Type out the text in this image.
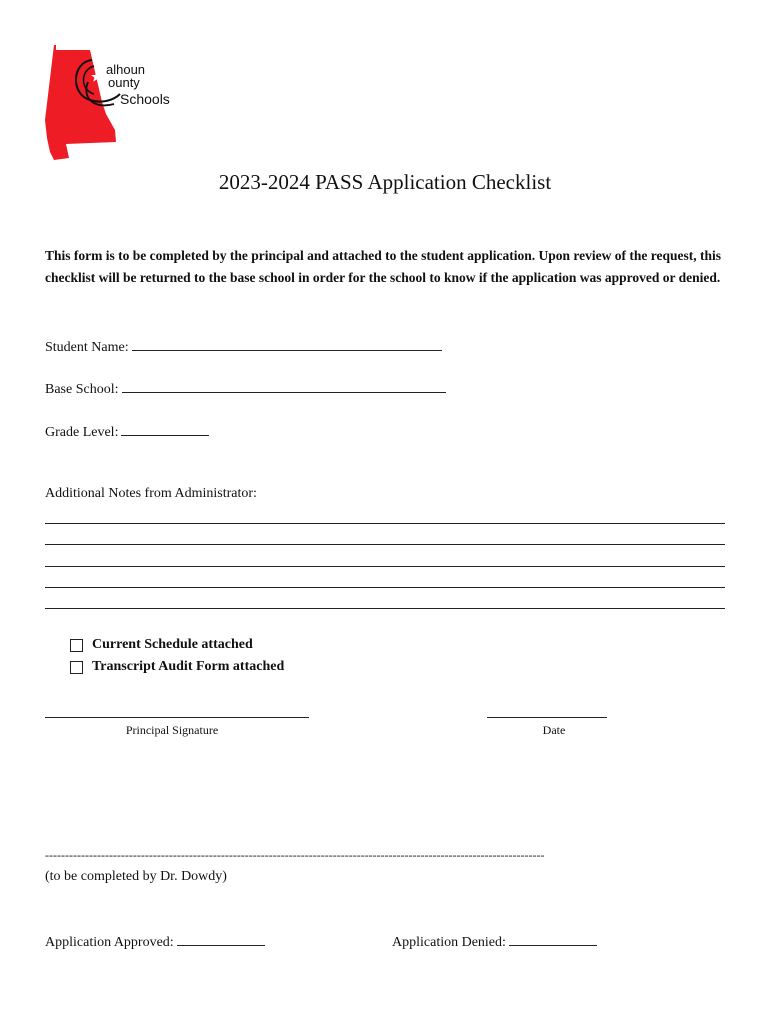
alhoun
ounty
Schools
2023-2024 PASS Application Checklist
This form is to be completed by the principal and attached to the student application. Upon review of the request, this checklist will be returned to the base school in order for the school to know if the application was approved or denied.
Student Name:
Base School:
Grade Level:
Additional Notes from Administrator:
Current Schedule attached
Transcript Audit Form attached
Principal Signature	Date
-----------------------------------------------------------------------------------------------------------------------------
(to be completed by Dr. Dowdy)
Application Approved:	Application Denied:
